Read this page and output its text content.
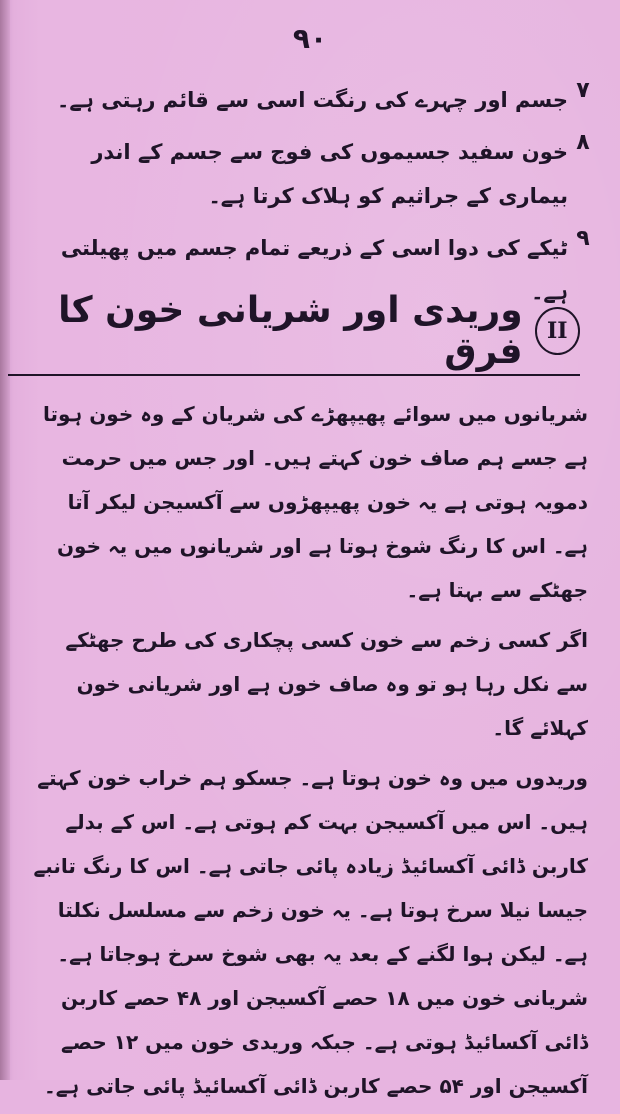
۹۰
۷
جسم اور چہرے کی رنگت اسی سے قائم رہتی ہے۔
۸
خون سفید جسیموں کی فوج سے جسم کے اندر بیماری کے جراثیم کو ہلاک کرتا ہے۔
۹
ٹیکے کی دوا اسی کے ذریعے تمام جسم میں پھیلتی ہے۔
II
وریدی اور شریانی خون کا فرق

شریانوں میں سوائے پھیپھڑے کی شریان کے وہ خون ہوتا ہے جسے ہم صاف خون کہتے ہیں۔ اور جس میں حرمت دمویہ ہوتی ہے یہ خون پھیپھڑوں سے آکسیجن لیکر آتا ہے۔ اس کا رنگ شوخ ہوتا ہے اور شریانوں میں یہ خون جھٹکے سے بہتا ہے۔

اگر کسی زخم سے خون کسی پچکاری کی طرح جھٹکے سے نکل رہا ہو تو وہ صاف خون ہے اور شریانی خون کہلائے گا۔

وریدوں میں وہ خون ہوتا ہے۔ جسکو ہم خراب خون کہتے ہیں۔ اس میں آکسیجن بہت کم ہوتی ہے۔ اس کے بدلے کاربن ڈائی آکسائیڈ زیادہ پائی جاتی ہے۔ اس کا رنگ تانبے جیسا نیلا سرخ ہوتا ہے۔ یہ خون زخم سے مسلسل نکلتا ہے۔ لیکن ہوا لگنے کے بعد یہ بھی شوخ سرخ ہوجاتا ہے۔ شریانی خون میں ۱۸ حصے آکسیجن اور ۴۸ حصے کاربن ڈائی آکسائیڈ ہوتی ہے۔ جبکہ وریدی خون میں ۱۲ حصے آکسیجن اور ۵۴ حصے کاربن ڈائی آکسائیڈ پائی جاتی ہے۔
